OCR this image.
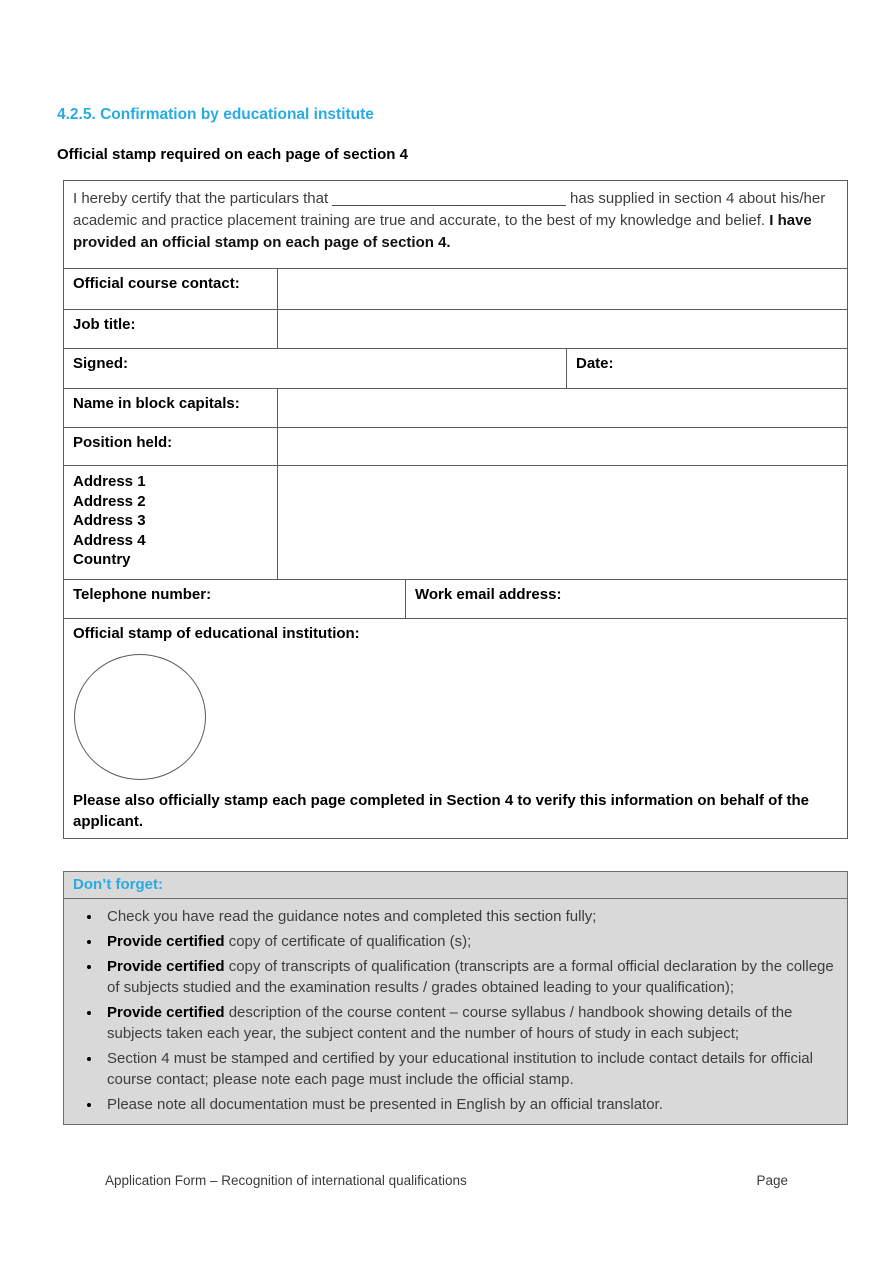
4.2.5. Confirmation by educational institute
Official stamp required on each page of section 4
I hereby certify that the particulars that ____________________________ has supplied in section 4 about his/her academic and practice placement training are true and accurate, to the best of my knowledge and belief. I have provided an official stamp on each page of section 4.
Official course contact:
Job title:
Signed:	Date:
Name in block capitals:
Position held:
Address 1
Address 2
Address 3
Address 4
Country
Telephone number:	Work email address:
Official stamp of educational institution:
Please also officially stamp each page completed in Section 4 to verify this information on behalf of the applicant.
Don’t forget:
• Check you have read the guidance notes and completed this section fully;
• Provide certified copy of certificate of qualification (s);
• Provide certified copy of transcripts of qualification (transcripts are a formal official declaration by the college of subjects studied and the examination results / grades obtained leading to your qualification);
• Provide certified description of the course content – course syllabus / handbook showing details of the subjects taken each year, the subject content and the number of hours of study in each subject;
• Section 4 must be stamped and certified by your educational institution to include contact details for official course contact; please note each page must include the official stamp.
• Please note all documentation must be presented in English by an official translator.
Application Form – Recognition of international qualifications	Page
